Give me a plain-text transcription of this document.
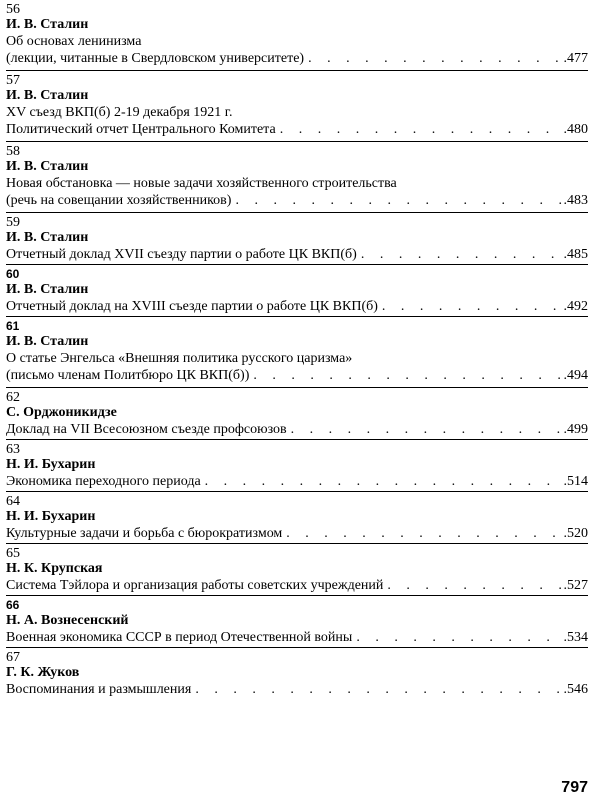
56
И. В. Сталин
Об основах ленинизма
(лекции, читанные в Свердловском университете) . . .	.477
57
И. В. Сталин
XV съезд ВКП(б) 2-19 декабря 1921 г.
Политический отчет Центрального Комитета . . .	.480
58
И. В. Сталин
Новая обстановка — новые задачи хозяйственного строительства
(речь на совещании хозяйственников) . . .	.483
59
И. В. Сталин
Отчетный доклад XVII съезду партии о работе ЦК ВКП(б) . . .	.485
60
И. В. Сталин
Отчетный доклад на XVIII съезде партии о работе ЦК ВКП(б) . . .	.492
61
И. В. Сталин
О статье Энгельса «Внешняя политика русского царизма»
(письмо членам Политбюро ЦК ВКП(б)) . . .	.494
62
С. Орджоникидзе
Доклад на VII Всесоюзном съезде профсоюзов . . .	.499
63
Н. И. Бухарин
Экономика переходного периода . . .	.514
64
Н. И. Бухарин
Культурные задачи и борьба с бюрократизмом . . .	.520
65
Н. К. Крупская
Система Тэйлора и организация работы советских учреждений . . .	.527
66
Н. А. Вознесенский
Военная экономика СССР в период Отечественной войны . . .	.534
67
Г. К. Жуков
Воспоминания и размышления . . .	.546
797
